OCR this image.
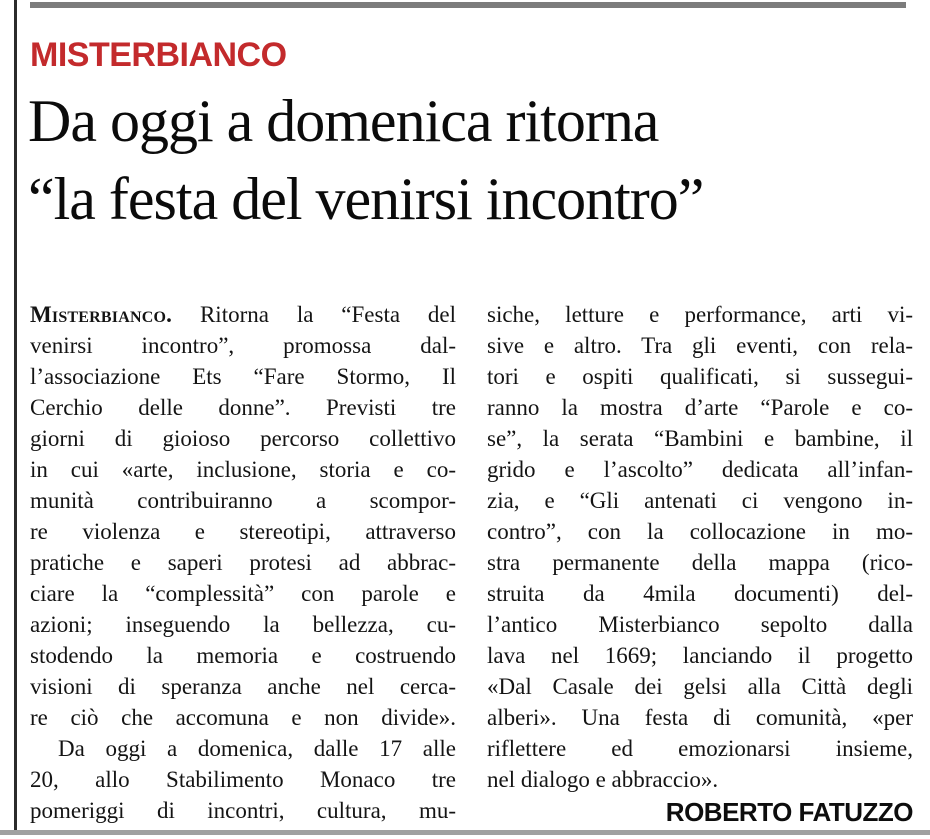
MISTERBIANCO
Da oggi a domenica ritorna
“la festa del venirsi incontro”
Misterbianco. Ritorna la “Festa del
venirsi incontro”, promossa dal-
l’associazione Ets “Fare Stormo, Il
Cerchio delle donne”. Previsti tre
giorni di gioioso percorso collettivo
in cui «arte, inclusione, storia e co-
munità contribuiranno a scompor-
re violenza e stereotipi, attraverso
pratiche e saperi protesi ad abbrac-
ciare la “complessità” con parole e
azioni; inseguendo la bellezza, cu-
stodendo la memoria e costruendo
visioni di speranza anche nel cerca-
re ciò che accomuna e non divide».
Da oggi a domenica, dalle 17 alle
20, allo Stabilimento Monaco tre
pomeriggi di incontri, cultura, mu-
siche, letture e performance, arti vi-
sive e altro. Tra gli eventi, con rela-
tori e ospiti qualificati, si sussegui-
ranno la mostra d’arte “Parole e co-
se”, la serata “Bambini e bambine, il
grido e l’ascolto” dedicata all’infan-
zia, e “Gli antenati ci vengono in-
contro”, con la collocazione in mo-
stra permanente della mappa (rico-
struita da 4mila documenti) del-
l’antico Misterbianco sepolto dalla
lava nel 1669; lanciando il progetto
«Dal Casale dei gelsi alla Città degli
alberi». Una festa di comunità, «per
riflettere ed emozionarsi insieme,
nel dialogo e abbraccio».
ROBERTO FATUZZO
